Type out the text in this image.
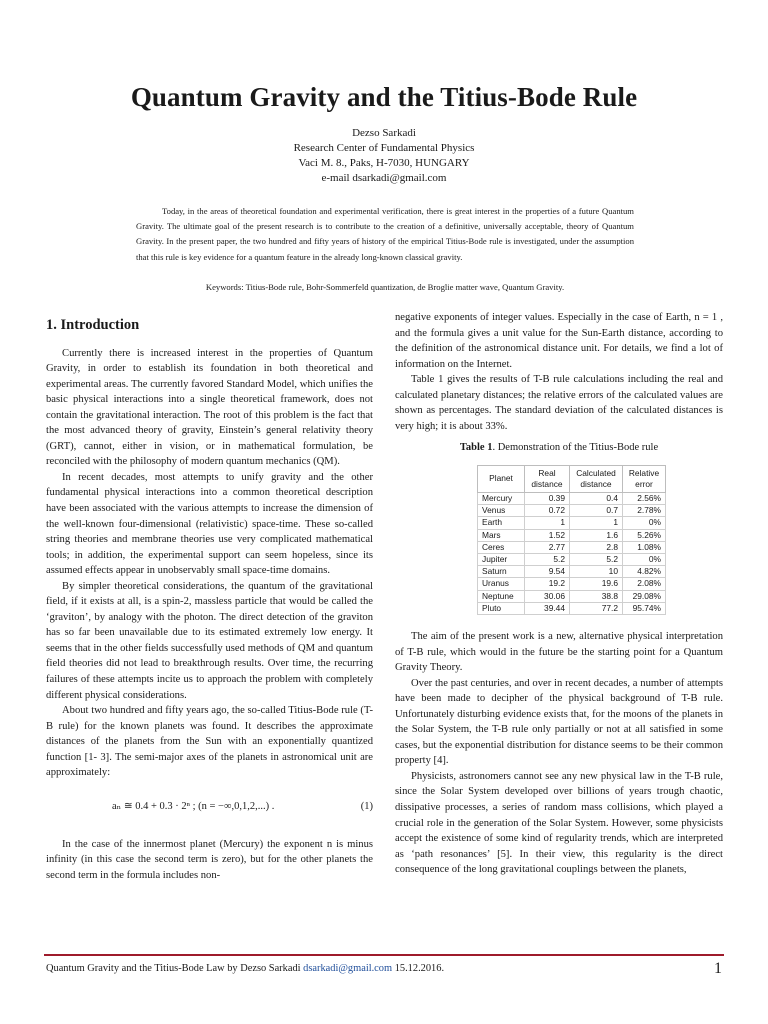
Quantum Gravity and the Titius-Bode Rule
Dezso Sarkadi
Research Center of Fundamental Physics
Vaci M. 8., Paks, H-7030, HUNGARY
e-mail dsarkadi@gmail.com

Today, in the areas of theoretical foundation and experimental verification, there is great interest in the properties of a future Quantum Gravity. The ultimate goal of the present research is to contribute to the creation of a definitive, universally acceptable, theory of Quantum Gravity. In the present paper, the two hundred and fifty years of history of the empirical Titius-Bode rule is investigated, under the assumption that this rule is key evidence for a quantum feature in the already long-known classical gravity.

Keywords: Titius-Bode rule, Bohr-Sommerfeld quantization, de Broglie matter wave, Quantum Gravity.
1. Introduction

Currently there is increased interest in the properties of Quantum Gravity, in order to establish its foundation in both theoretical and experimental areas. The currently favored Standard Model, which unifies the basic physical interactions into a single theoretical framework, does not contain the gravitational interaction. The root of this problem is the fact that the most advanced theory of gravity, Einstein’s general relativity theory (GRT), cannot, either in vision, or in mathematical formulation, be reconciled with the philosophy of modern quantum mechanics (QM).

In recent decades, most attempts to unify gravity and the other fundamental physical interactions into a common theoretical description have been associated with the various attempts to increase the dimension of the well-known four-dimensional (relativistic) space-time. These so-called string theories and membrane theories use very complicated mathematical tools; in addition, the experimental support can seem hopeless, since its assumed effects appear in unobservably small space-time domains.

By simpler theoretical considerations, the quantum of the gravitational field, if it exists at all, is a spin-2, massless particle that would be called the ‘graviton’, by analogy with the photon. The direct detection of the graviton has so far been unavailable due to its estimated extremely low energy. It seems that in the other fields successfully used methods of QM and quantum field theories did not lead to breakthrough results. Over time, the recurring failures of these attempts incite us to approach the problem with completely different physical considerations.

About two hundred and fifty years ago, the so-called Titius-Bode rule (T-B rule) for the known planets was found. It describes the approximate distances of the planets from the Sun with an exponentially quantized function [1- 3]. The semi-major axes of the planets in astronomical unit are approximately:

aₙ ≅ 0.4 + 0.3 · 2ⁿ ; (n = −∞,0,1,2,...) .	(1)

In the case of the innermost planet (Mercury) the exponent n is minus infinity (in this case the second term is zero), but for the other planets the second term in the formula includes non-

negative exponents of integer values. Especially in the case of Earth, n = 1 , and the formula gives a unit value for the Sun-Earth distance, according to the definition of the astronomical distance unit. For details, we find a lot of information on the Internet.

Table 1 gives the results of T-B rule calculations including the real and calculated planetary distances; the relative errors of the calculated values are shown as percentages. The standard deviation of the calculated distances is very high; it is about 33%.

Table 1. Demonstration of the Titius-Bode rule
Planet	Real distance	Calculated distance	Relative error
Mercury	0.39	0.4	2.56%
Venus	0.72	0.7	2.78%
Earth	1	1	0%
Mars	1.52	1.6	5.26%
Ceres	2.77	2.8	1.08%
Jupiter	5.2	5.2	0%
Saturn	9.54	10	4.82%
Uranus	19.2	19.6	2.08%
Neptune	30.06	38.8	29.08%
Pluto	39.44	77.2	95.74%

The aim of the present work is a new, alternative physical interpretation of T-B rule, which would in the future be the starting point for a Quantum Gravity Theory.

Over the past centuries, and over in recent decades, a number of attempts have been made to decipher of the physical background of T-B rule. Unfortunately disturbing evidence exists that, for the moons of the planets in the Solar System, the T-B rule only partially or not at all satisfied in some cases, but the exponential distribution for distance seems to be their common property [4].

Physicists, astronomers cannot see any new physical law in the T-B rule, since the Solar System developed over billions of years trough chaotic, dissipative processes, a series of random mass collisions, which played a crucial role in the generation of the Solar System. However, some physicists accept the existence of some kind of regularity trends, which are interpreted as ‘path resonances’ [5]. In their view, this regularity is the direct consequence of the long gravitational couplings between the planets,

Quantum Gravity and the Titius-Bode Law by Dezso Sarkadi dsarkadi@gmail.com 15.12.2016.	1
